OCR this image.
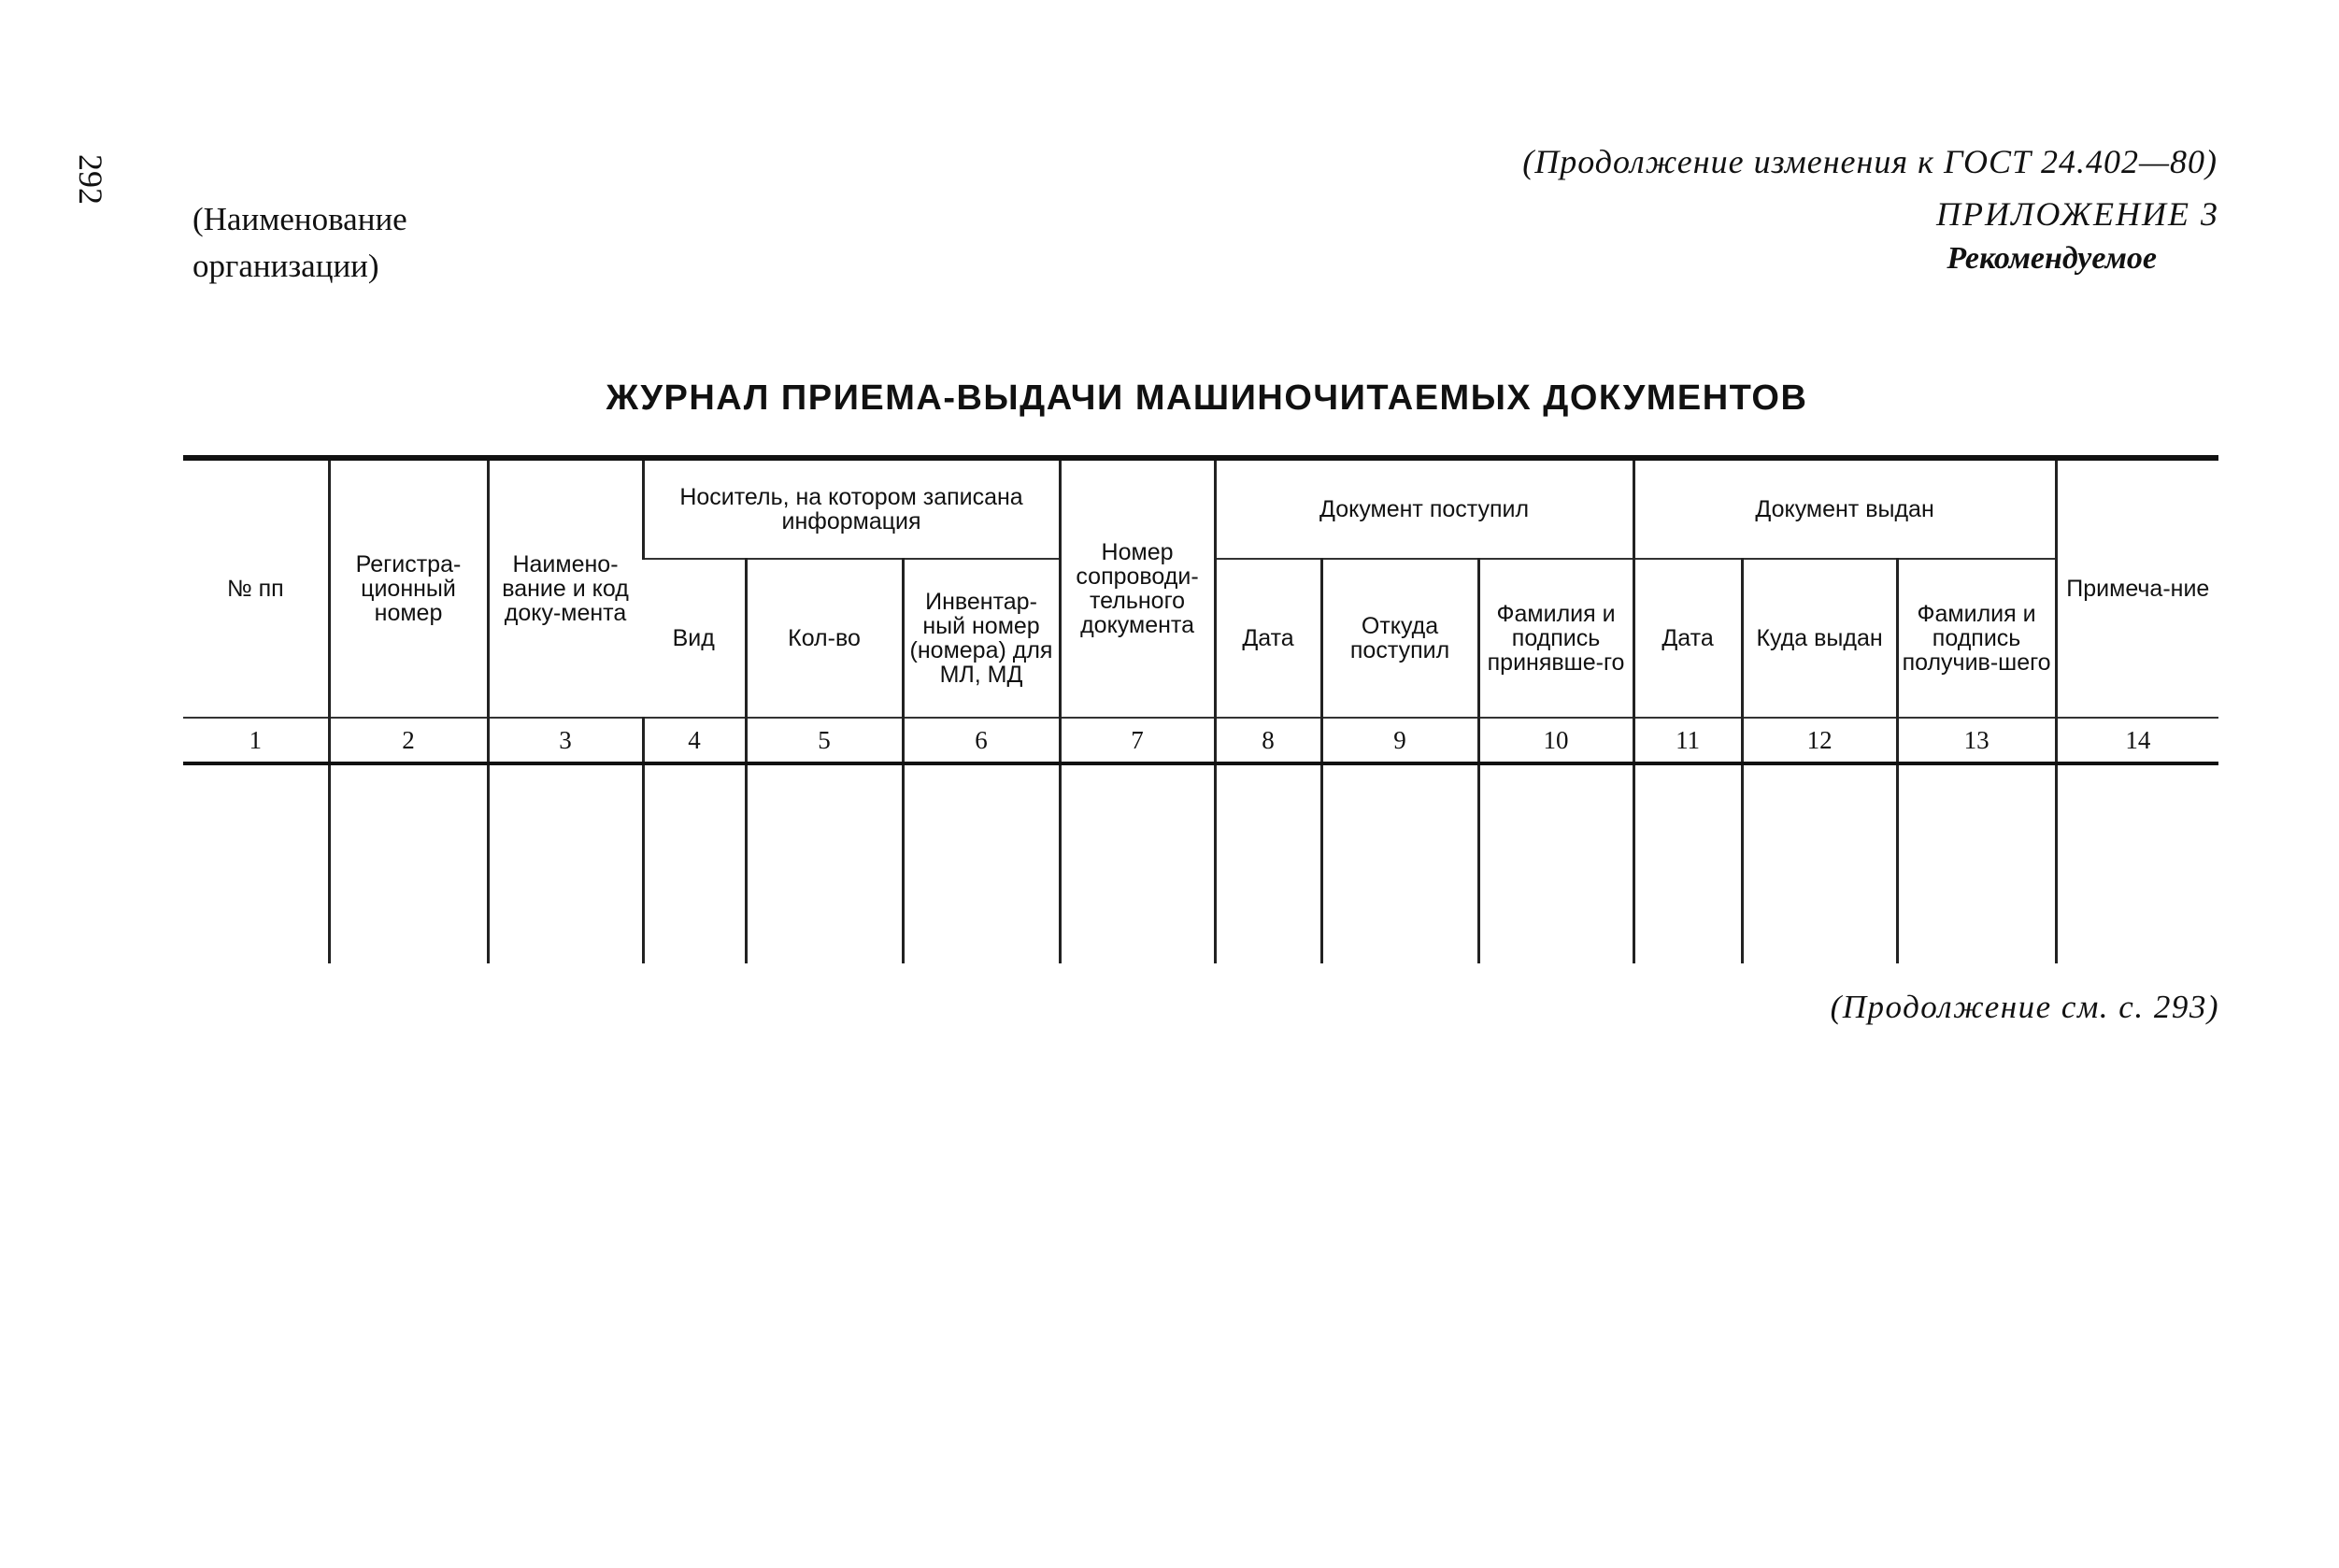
292
(Наименование
организации)
(Продолжение изменения к ГОСТ 24.402—80)
ПРИЛОЖЕНИЕ 3
Рекомендуемое
ЖУРНАЛ ПРИЕМА-ВЫДАЧИ МАШИНОЧИТАЕМЫХ ДОКУМЕНТОВ
№ пп	Регистра-ционный номер	Наимено-вание и код доку-мента	Носитель, на котором записана информация			Номер сопроводи-тельного документа	Документ поступил			Документ выдан			Примеча-ние
			Вид	Кол-во	Инвентар-ный номер (номера) для МЛ, МД		Дата	Откуда поступил	Фамилия и подпись принявше-го	Дата	Куда выдан	Фамилия и подпись получив-шего	
1	2	3	4	5	6	7	8	9	10	11	12	13	14

(Продолжение см. с. 293)
